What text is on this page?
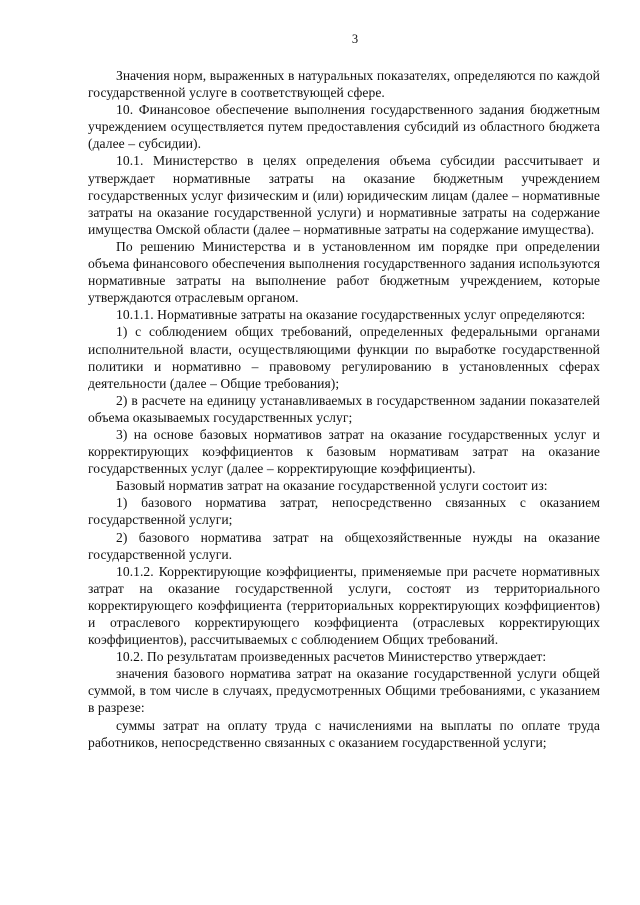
3

Значения норм, выраженных в натуральных показателях, определяются по каждой государственной услуге в соответствующей сфере.

10. Финансовое обеспечение выполнения государственного задания бюджетным учреждением осуществляется путем предоставления субсидий из областного бюджета (далее – субсидии).

10.1. Министерство в целях определения объема субсидии рассчитывает и утверждает нормативные затраты на оказание бюджетным учреждением государственных услуг физическим и (или) юридическим лицам (далее – нормативные затраты на оказание государственной услуги) и нормативные затраты на содержание имущества Омской области (далее – нормативные затраты на содержание имущества).

По решению Министерства и в установленном им порядке при определении объема финансового обеспечения выполнения государственного задания используются нормативные затраты на выполнение работ бюджетным учреждением, которые утверждаются отраслевым органом.

10.1.1. Нормативные затраты на оказание государственных услуг определяются:

1) с соблюдением общих требований, определенных федеральными органами исполнительной власти, осуществляющими функции по выработке государственной политики и нормативно – правовому регулированию в установленных сферах деятельности (далее – Общие требования);

2) в расчете на единицу устанавливаемых в государственном задании показателей объема оказываемых государственных услуг;

3) на основе базовых нормативов затрат на оказание государственных услуг и корректирующих коэффициентов к базовым нормативам затрат на оказание государственных услуг (далее – корректирующие коэффициенты).

Базовый норматив затрат на оказание государственной услуги состоит из:

1) базового норматива затрат, непосредственно связанных с оказанием государственной услуги;

2) базового норматива затрат на общехозяйственные нужды на оказание государственной услуги.

10.1.2. Корректирующие коэффициенты, применяемые при расчете нормативных затрат на оказание государственной услуги, состоят из территориального корректирующего коэффициента (территориальных корректирующих коэффициентов) и отраслевого корректирующего коэффициента (отраслевых корректирующих коэффициентов), рассчитываемых с соблюдением Общих требований.

10.2. По результатам произведенных расчетов Министерство утверждает:

значения базового норматива затрат на оказание государственной услуги общей суммой, в том числе в случаях, предусмотренных Общими требованиями, с указанием в разрезе:

суммы затрат на оплату труда с начислениями на выплаты по оплате труда работников, непосредственно связанных с оказанием государственной услуги;
